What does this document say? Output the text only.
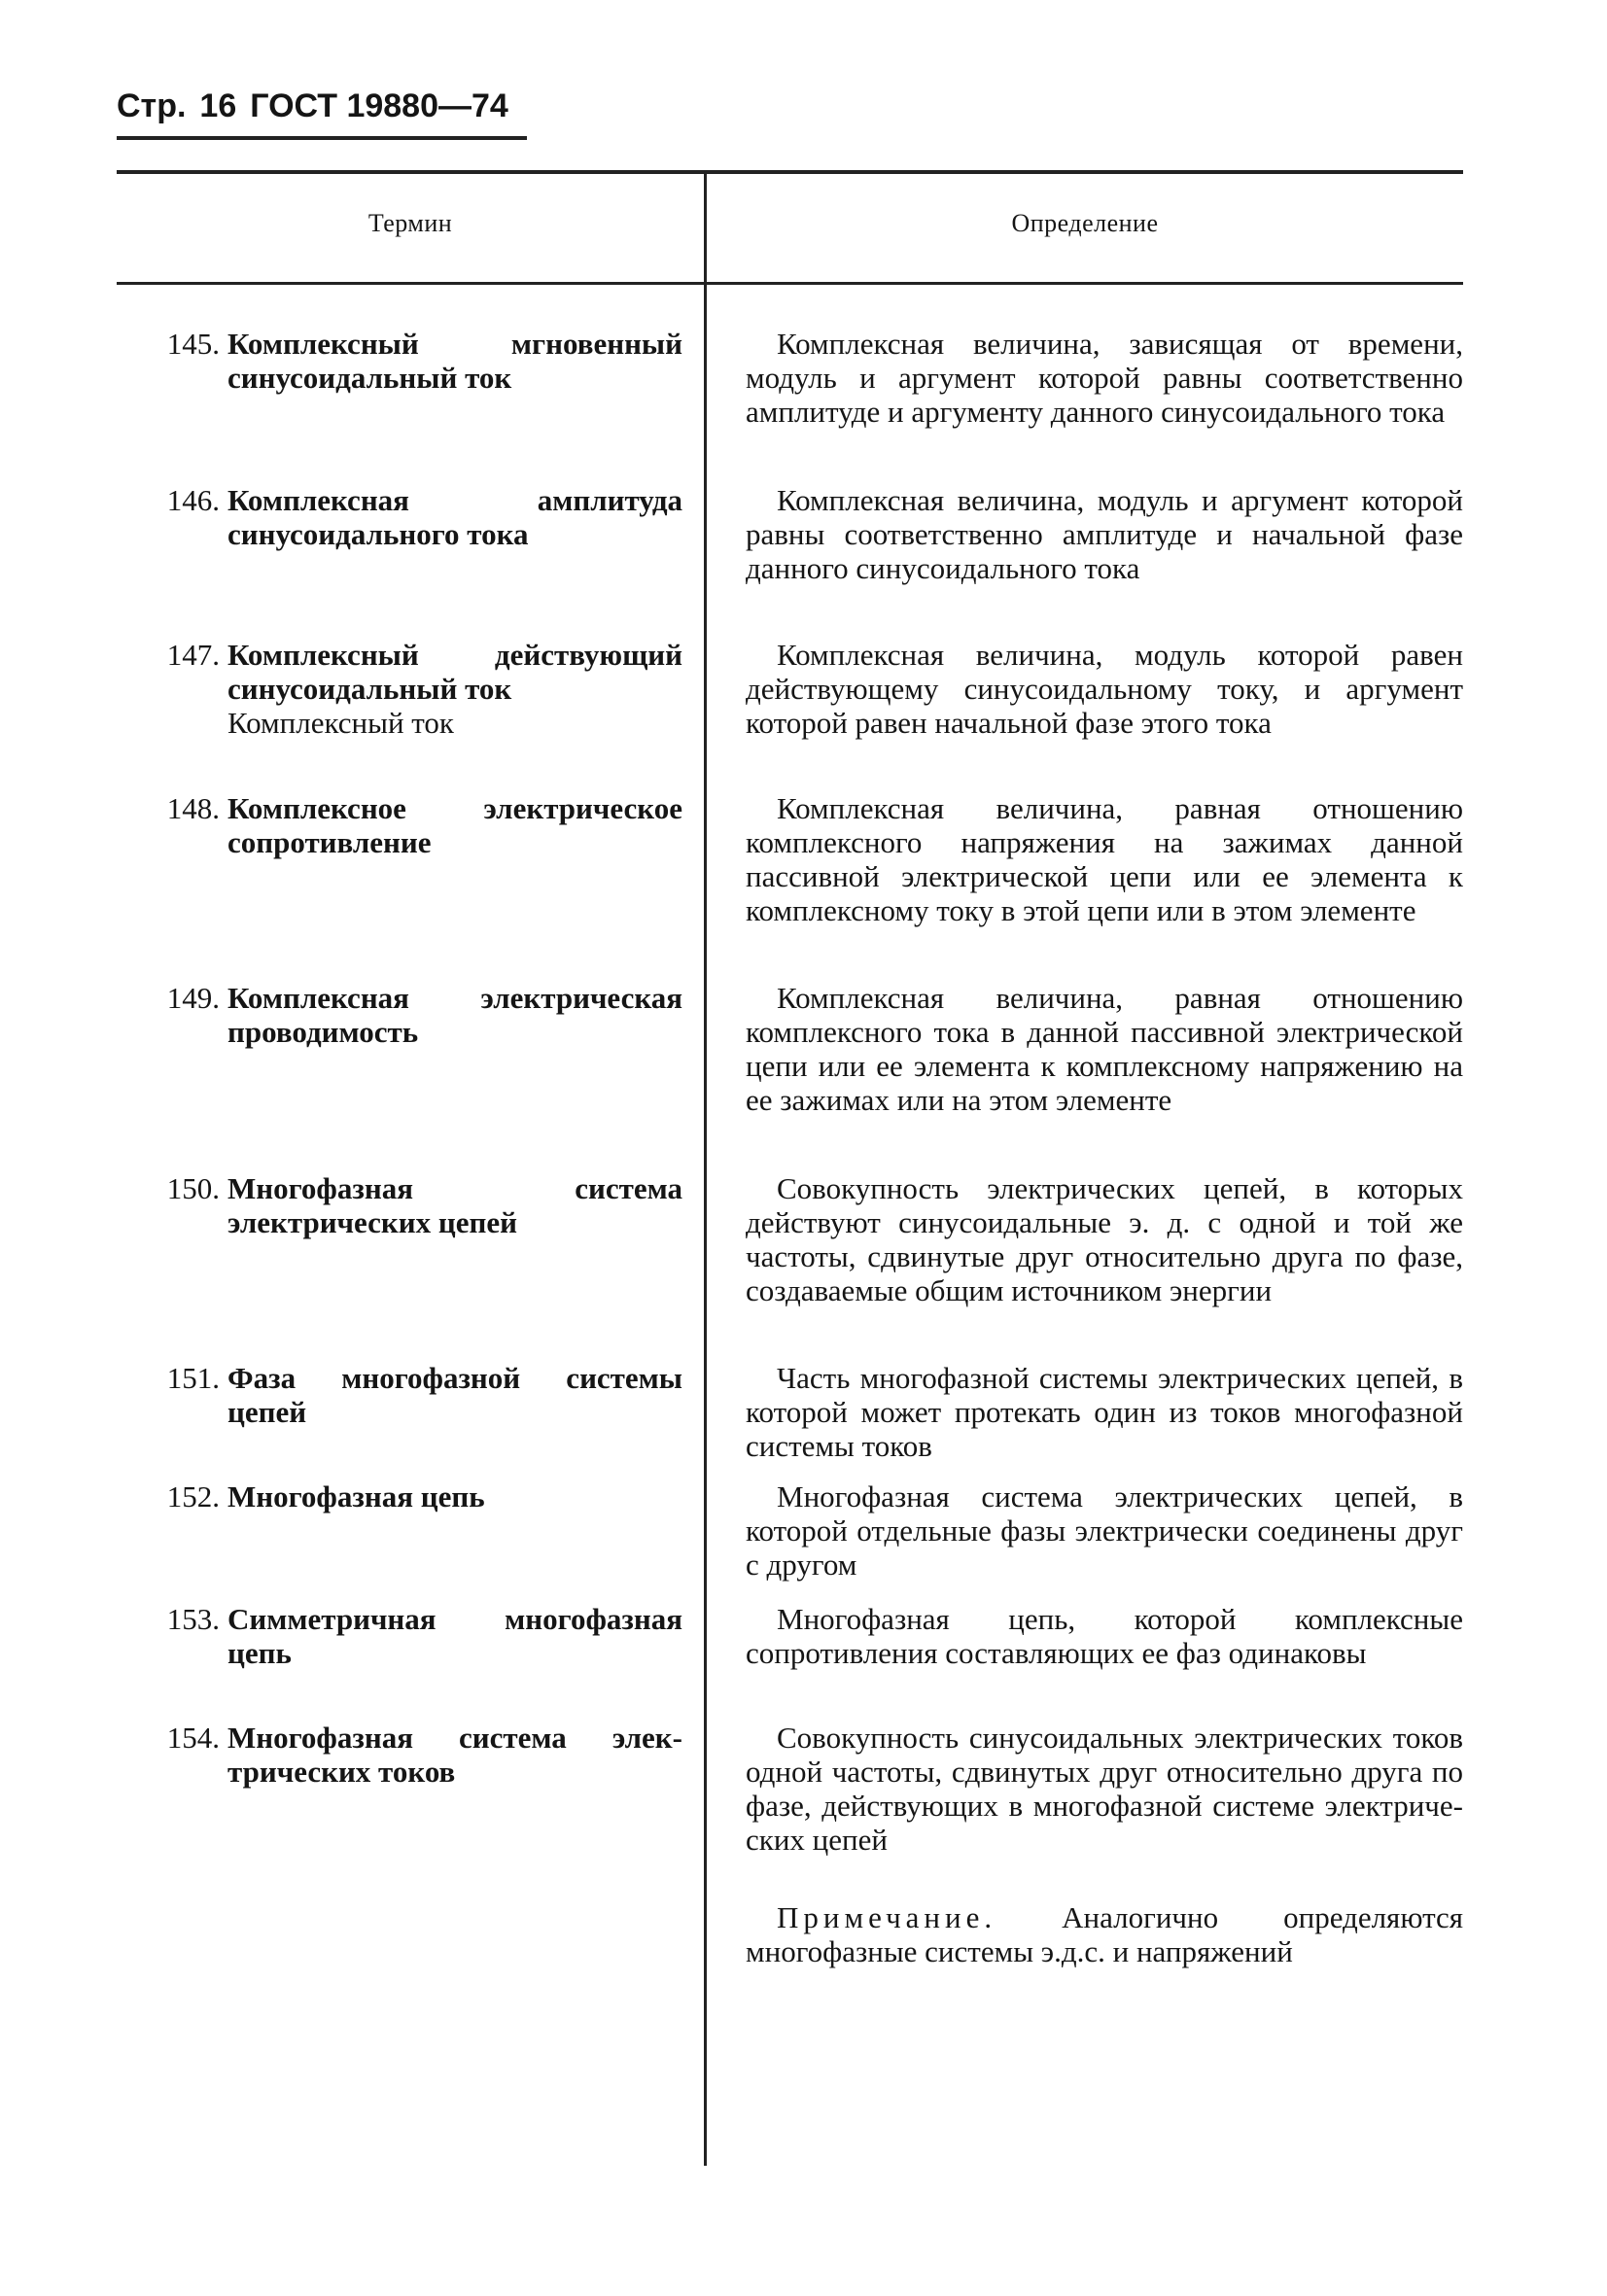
Стр. 16 ГОСТ 19880—74
Термин	Определение
145. Комплексный мгновенный синусоидальный ток
Комплексная величина, зависящая от времени, модуль и аргумент которой равны соответственно амплитуде и аргументу данного синусоидального тока
146. Комплексная амплитуда синусоидального тока
Комплексная величина, модуль и аргумент которой равны соответственно амплитуде и начальной фазе данного синусоидального тока
147. Комплексный действующий синусоидальный ток
Комплексный ток
Комплексная величина, модуль которой равен действующему синусоидальному току, и аргумент которой равен начальной фазе этого тока
148. Комплексное электрическое сопротивление
Комплексная величина, равная отношению комплексного напряжения на зажимах данной пассивной электрической цепи или ее элемента к комплексному току в этой цепи или в этом элементе
149. Комплексная электрическая проводимость
Комплексная величина, равная отношению комплексного тока в данной пассивной электрической цепи или ее элемента к комплексному напряжению на ее зажимах или на этом элементе
150. Многофазная система электрических цепей
Совокупность электрических цепей, в которых действуют синусоидальные э. д. с одной и той же частоты, сдвинутые друг относительно друга по фазе, создаваемые общим источником энергии
151. Фаза многофазной системы цепей
Часть многофазной системы электрических цепей, в которой может протекать один из токов многофазной системы токов
152. Многофазная цепь	Многофазная система электрических цепей, в которой отдельные фазы электрически соединены друг с другом
153. Симметричная многофазная цепь
Многофазная цепь, которой комплексные сопротивления составляющих ее фаз одинаковы
154. Многофазная система электрических токов
Совокупность синусоидальных электрических токов одной частоты, сдвинутых друг относительно друга по фазе, действующих в многофазной системе электрических цепей
Примечание. Аналогично определяются многофазные системы э.д.с. и напряжений
